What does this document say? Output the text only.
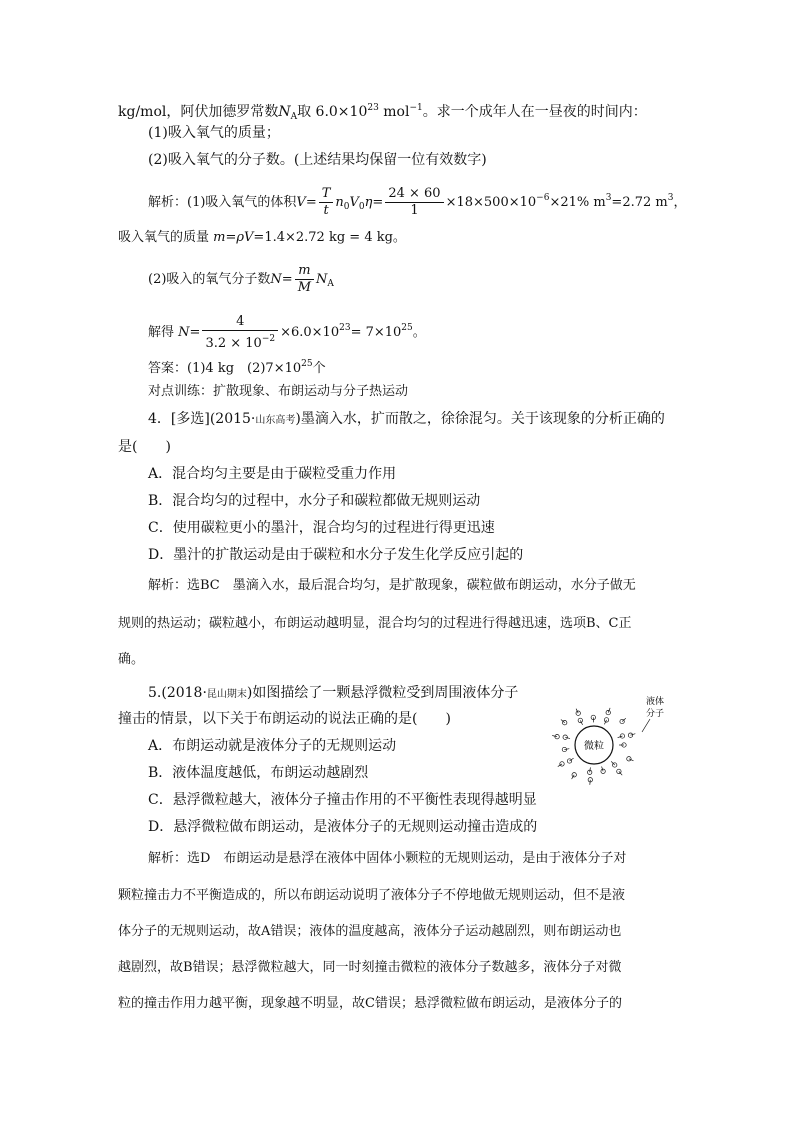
kg/mol，阿伏加德罗常数$N_A$取 $6.0\times 10^{23}$ mol$^{-1}$。求一个成年人在一昼夜的时间内：
(1)吸入氧气的质量；
(2)吸入氧气的分子数。(上述结果均保留一位有效数字)
解析：(1)吸入氧气的体积$V= \frac{T}{t} n_0V_0\eta= \frac{24 \times 60}{1} \times 18\times 500\times 10^{-6}\times 21\%$ $m^3=2.72$ $m^3$，
吸入氧气的质量 m=ρV=1.4×2.72 kg = 4 kg。
(2)吸入的氧气分子数$N= \frac{m}{M} N_A$
解得 $N= \frac{4}{3.2 \times 10^{-2}} \times 6.0\times 10^{23}= 7\times 10^{25}$。
答案：(1)4 kg　$(2)7\times 10^{25}$个
对点训练：扩散现象、布朗运动与分子热运动
4．[多选](2015·山东高考)墨滴入水，扩而散之，徐徐混匀。关于该现象的分析正确的
是(　　)
A．混合均匀主要是由于碳粒受重力作用
B．混合均匀的过程中，水分子和碳粒都做无规则运动
C．使用碳粒更小的墨汁，混合均匀的过程进行得更迅速
D．墨汁的扩散运动是由于碳粒和水分子发生化学反应引起的
解析：选BC　墨滴入水，最后混合均匀，是扩散现象，碳粒做布朗运动，水分子做无
规则的热运动；碳粒越小，布朗运动越明显，混合均匀的过程进行得越迅速，选项B、C正
确。
5.(2018·昆山期末)如图描绘了一颗悬浮微粒受到周围液体分子
撞击的情景，以下关于布朗运动的说法正确的是(　　)
A．布朗运动就是液体分子的无规则运动
B．液体温度越低，布朗运动越剧烈
C．悬浮微粒越大，液体分子撞击作用的不平衡性表现得越明显
D．悬浮微粒做布朗运动，是液体分子的无规则运动撞击造成的
解析：选D　布朗运动是悬浮在液体中固体小颗粒的无规则运动，是由于液体分子对
颗粒撞击力不平衡造成的，所以布朗运动说明了液体分子不停地做无规则运动，但不是液
体分子的无规则运动，故A错误；液体的温度越高，液体分子运动越剧烈，则布朗运动也
越剧烈，故B错误；悬浮微粒越大，同一时刻撞击微粒的液体分子数越多，液体分子对微
粒的撞击作用力越平衡，现象越不明显，故C错误；悬浮微粒做布朗运动，是液体分子的
微粒
液体
分子
